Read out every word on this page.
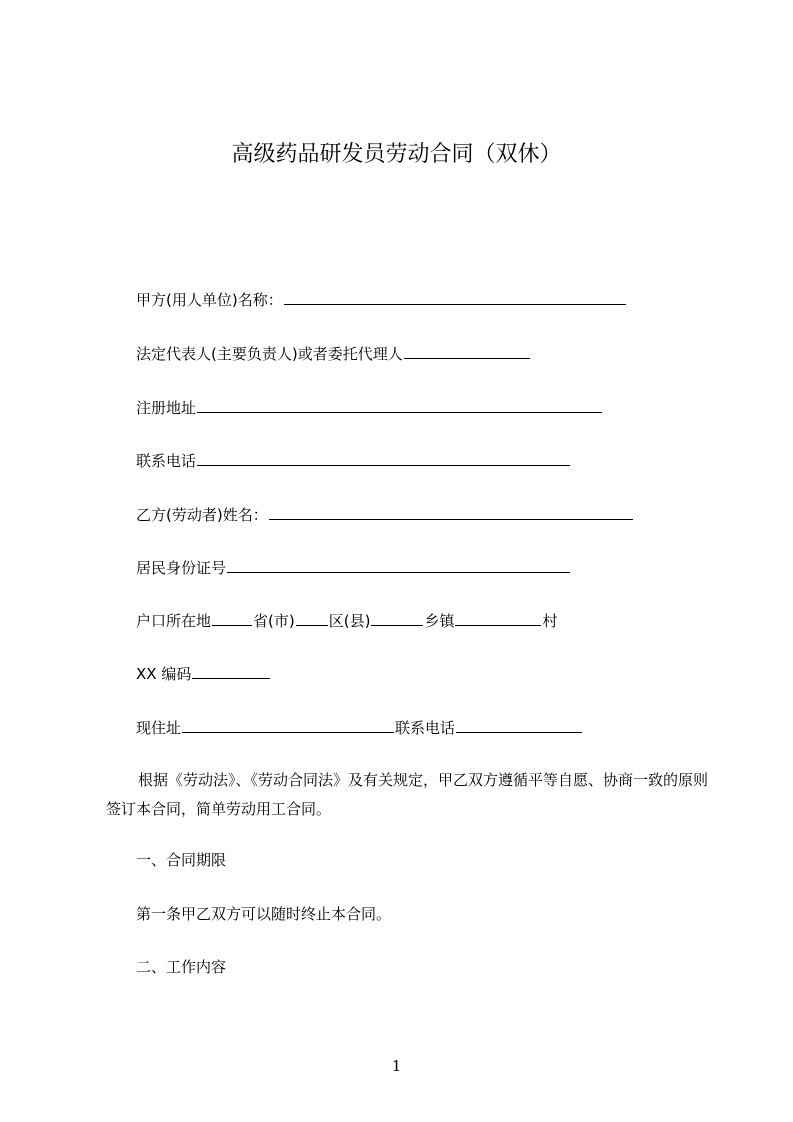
高级药品研发员劳动合同（双休）
甲方(用人单位)名称：
法定代表人(主要负责人)或者委托代理人
注册地址
联系电话
乙方(劳动者)姓名：
居民身份证号
户口所在地	省(市) 区(县)	乡镇	村
XX 编码
现住址	联系电话
根据《劳动法》、《劳动合同法》及有关规定，甲乙双方遵循平等自愿、协商一致的原则签订本合同，简单劳动用工合同。
一、合同期限
第一条甲乙双方可以随时终止本合同。
二、工作内容
1
